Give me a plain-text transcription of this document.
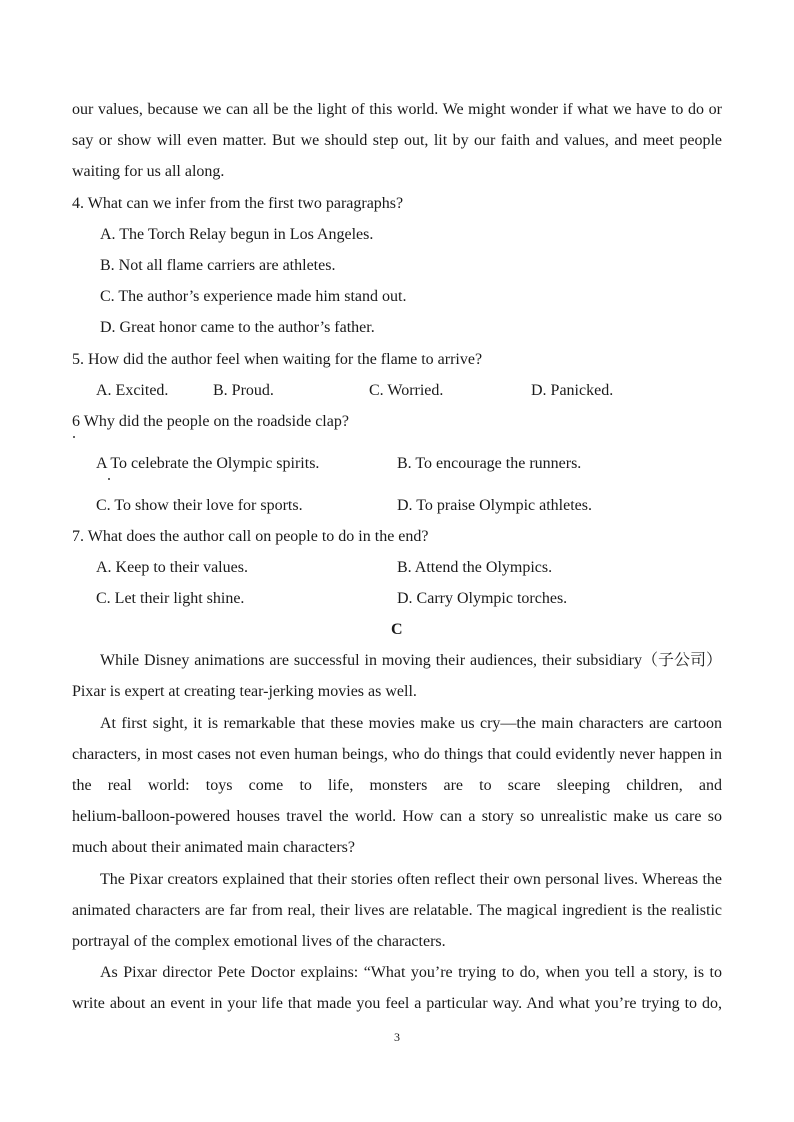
our values, because we can all be the light of this world. We might wonder if what we have to do or
say or show will even matter. But we should step out, lit by our faith and values, and meet people
waiting for us all along.
4. What can we infer from the first two paragraphs?
A. The Torch Relay begun in Los Angeles.
B. Not all flame carriers are athletes.
C. The author’s experience made him stand out.
D. Great honor came to the author’s father.
5. How did the author feel when waiting for the flame to arrive?
A. Excited.	B. Proud.	C. Worried.	D. Panicked.
6 Why did the people on the roadside clap?
A To celebrate the Olympic spirits.	B. To encourage the runners.
C. To show their love for sports.	D. To praise Olympic athletes.
7. What does the author call on people to do in the end?
A. Keep to their values.	B. Attend the Olympics.
C. Let their light shine.	D. Carry Olympic torches.
C
While Disney animations are successful in moving their audiences, their subsidiary（子公司）
Pixar is expert at creating tear-jerking movies as well.
At first sight, it is remarkable that these movies make us cry—the main characters are cartoon
characters, in most cases not even human beings, who do things that could evidently never happen in
the real world: toys come to life, monsters are to scare sleeping children, and
helium-balloon-powered houses travel the world. How can a story so unrealistic make us care so
much about their animated main characters?
The Pixar creators explained that their stories often reflect their own personal lives. Whereas the
animated characters are far from real, their lives are relatable. The magical ingredient is the realistic
portrayal of the complex emotional lives of the characters.
As Pixar director Pete Doctor explains: “What you’re trying to do, when you tell a story, is to
write about an event in your life that made you feel a particular way. And what you’re trying to do,
3
